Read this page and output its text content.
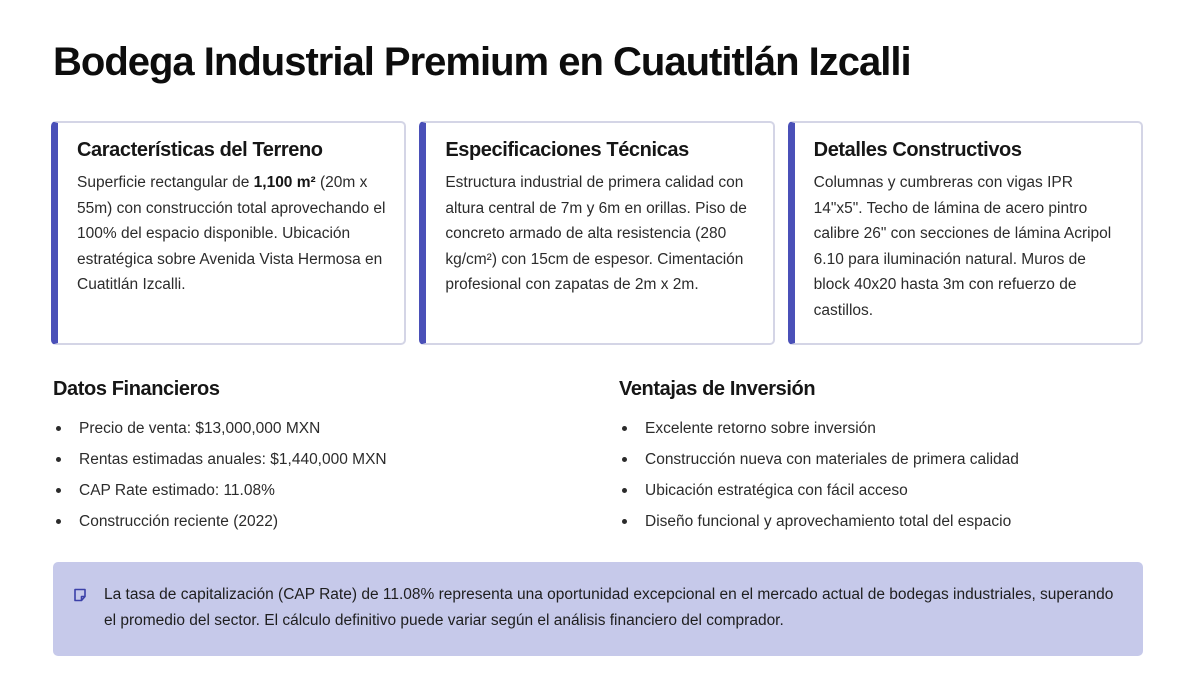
Bodega Industrial Premium en Cuautitlán Izcalli
Características del Terreno

Superficie rectangular de 1,100 m² (20m x 55m) con construcción total aprovechando el 100% del espacio disponible. Ubicación estratégica sobre Avenida Vista Hermosa en Cuatitlán Izcalli.

Especificaciones Técnicas

Estructura industrial de primera calidad con altura central de 7m y 6m en orillas. Piso de concreto armado de alta resistencia (280 kg/cm²) con 15cm de espesor. Cimentación profesional con zapatas de 2m x 2m.

Detalles Constructivos

Columnas y cumbreras con vigas IPR 14"x5". Techo de lámina de acero pintro calibre 26" con secciones de lámina Acripol 6.10 para iluminación natural. Muros de block 40x20 hasta 3m con refuerzo de castillos.

Datos Financieros
Precio de venta: $13,000,000 MXN
Rentas estimadas anuales: $1,440,000 MXN
CAP Rate estimado: 11.08%
Construcción reciente (2022)
Ventajas de Inversión
Excelente retorno sobre inversión
Construcción nueva con materiales de primera calidad
Ubicación estratégica con fácil acceso
Diseño funcional y aprovechamiento total del espacio

La tasa de capitalización (CAP Rate) de 11.08% representa una oportunidad excepcional en el mercado actual de bodegas industriales, superando el promedio del sector. El cálculo definitivo puede variar según el análisis financiero del comprador.
